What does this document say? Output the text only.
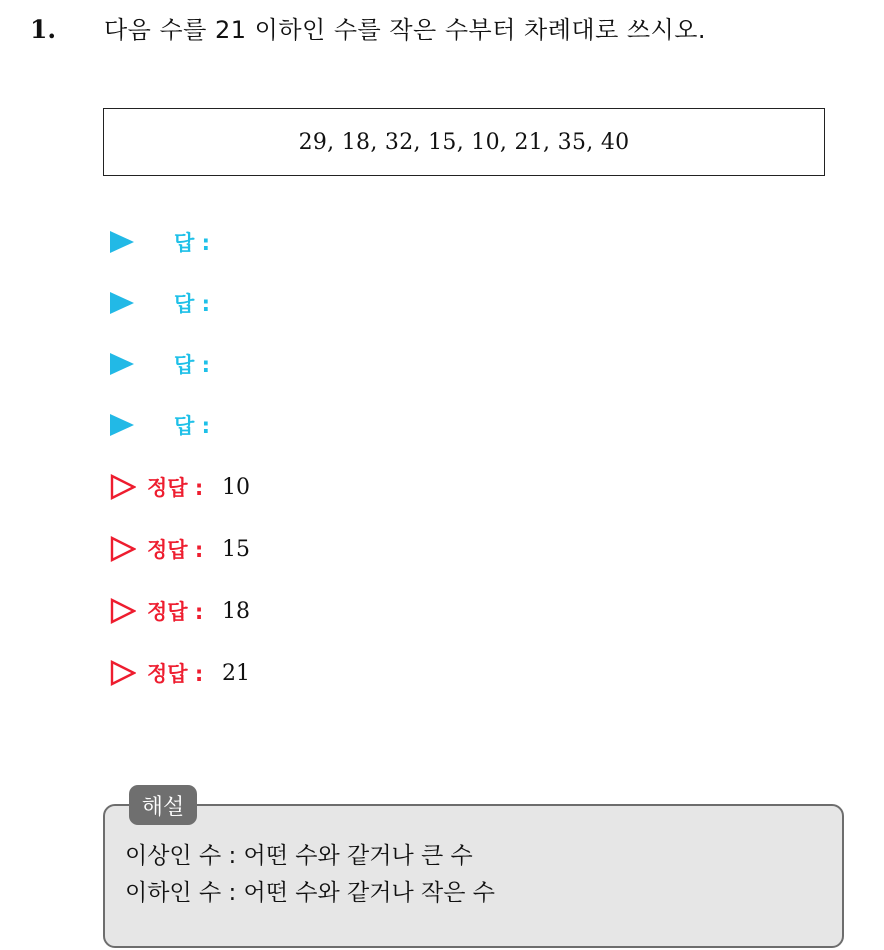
1. 다음 수를 21 이하인 수를 작은 수부터 차례대로 쓰시오.
29, 18, 32, 15, 10, 21, 35, 40
답 :
답 :
답 :
답 :
정답 : 10
정답 : 15
정답 : 18
정답 : 21
해설
이상인 수 : 어떤 수와 같거나 큰 수
이하인 수 : 어떤 수와 같거나 작은 수
